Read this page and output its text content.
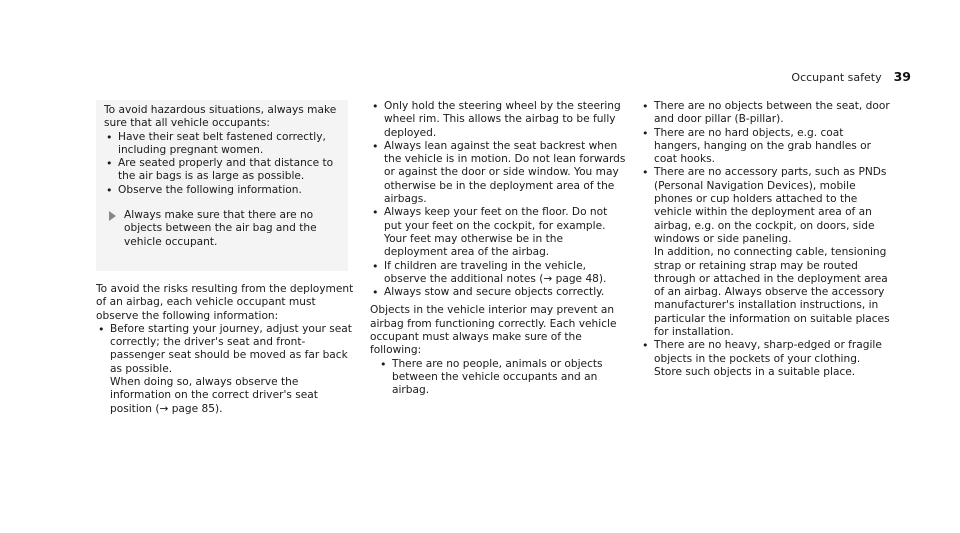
Occupant safety 39

To avoid hazardous situations, always make sure that all vehicle occupants:

• Have their seat belt fastened correctly, including pregnant women.
• Are seated properly and that distance to the air bags is as large as possible.
• Observe the following information.
Always make sure that there are no objects between the air bag and the vehicle occupant.

To avoid the risks resulting from the deployment of an airbag, each vehicle occupant must observe the following information:

• Before starting your journey, adjust your seat correctly; the driver's seat and front-passenger seat should be moved as far back as possible.

When doing so, always observe the information on the correct driver's seat position (→ page 85).

• Only hold the steering wheel by the steering wheel rim. This allows the airbag to be fully deployed.
• Always lean against the seat backrest when the vehicle is in motion. Do not lean forwards or against the door or side window. You may otherwise be in the deployment area of the airbags.
• Always keep your feet on the floor. Do not put your feet on the cockpit, for example. Your feet may otherwise be in the deployment area of the airbag.
• If children are traveling in the vehicle, observe the additional notes (→ page 48).
• Always stow and secure objects correctly.

Objects in the vehicle interior may prevent an airbag from functioning correctly. Each vehicle occupant must always make sure of the following:

• There are no people, animals or objects between the vehicle occupants and an airbag.
• There are no objects between the seat, door and door pillar (B-pillar).
• There are no hard objects, e.g. coat hangers, hanging on the grab handles or coat hooks.
• There are no accessory parts, such as PNDs (Personal Navigation Devices), mobile phones or cup holders attached to the vehicle within the deployment area of an airbag, e.g. on the cockpit, on doors, side windows or side paneling.

In addition, no connecting cable, tensioning strap or retaining strap may be routed through or attached in the deployment area of an airbag. Always observe the accessory manufacturer's installation instructions, in particular the information on suitable places for installation.

• There are no heavy, sharp-edged or fragile objects in the pockets of your clothing. Store such objects in a suitable place.
